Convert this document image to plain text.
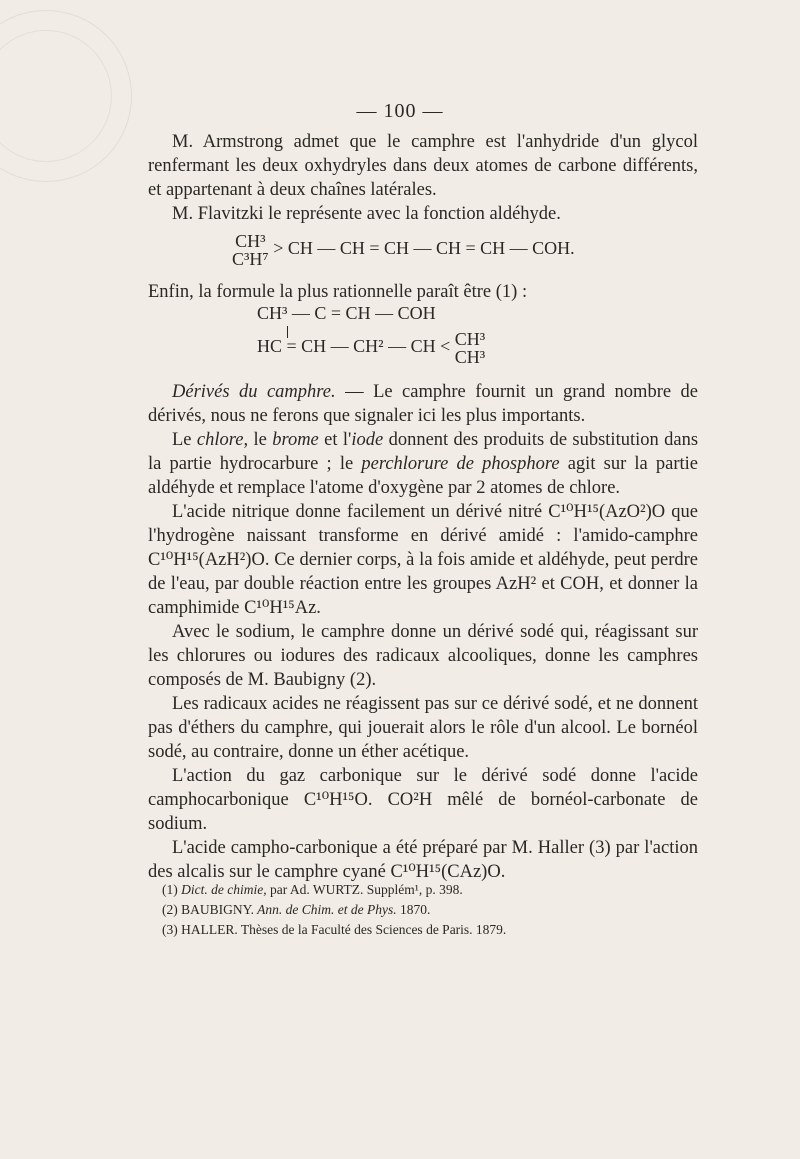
— 100 —

M. Armstrong admet que le camphre est l'anhydride d'un glycol renfermant les deux oxhydryles dans deux atomes de carbone différents, et appartenant à deux chaînes latérales.

M. Flavitzki le représente avec la fonction aldéhyde.

CH³
C³H⁷
> CH — CH = CH — CH = CH — COH.

Enfin, la formule la plus rationnelle paraît être (1) :

CH³ — C = CH — COH
HC = CH — CH² — CH < CH³
CH³

Dérivés du camphre. — Le camphre fournit un grand nombre de dérivés, nous ne ferons que signaler ici les plus importants.

Le chlore, le brome et l'iode donnent des produits de substitution dans la partie hydrocarbure ; le perchlorure de phosphore agit sur la partie aldéhyde et remplace l'atome d'oxygène par 2 atomes de chlore.

L'acide nitrique donne facilement un dérivé nitré C¹⁰H¹⁵(AzO²)O que l'hydrogène naissant transforme en dérivé amidé : l'amido-camphre C¹⁰H¹⁵(AzH²)O. Ce dernier corps, à la fois amide et aldéhyde, peut perdre de l'eau, par double réaction entre les groupes AzH² et COH, et donner la camphimide C¹⁰H¹⁵Az.

Avec le sodium, le camphre donne un dérivé sodé qui, réagissant sur les chlorures ou iodures des radicaux alcooliques, donne les camphres composés de M. Baubigny (2).

Les radicaux acides ne réagissent pas sur ce dérivé sodé, et ne donnent pas d'éthers du camphre, qui jouerait alors le rôle d'un alcool. Le bornéol sodé, au contraire, donne un éther acétique.

L'action du gaz carbonique sur le dérivé sodé donne l'acide camphocarbonique C¹⁰H¹⁵O. CO²H mêlé de bornéol-carbonate de sodium.

L'acide campho-carbonique a été préparé par M. Haller (3) par l'action des alcalis sur le camphre cyané C¹⁰H¹⁵(CAz)O.

(1) Dict. de chimie, par Ad. WURTZ. Supplém¹, p. 398.
(2) BAUBIGNY. Ann. de Chim. et de Phys. 1870.
(3) HALLER. Thèses de la Faculté des Sciences de Paris. 1879.
